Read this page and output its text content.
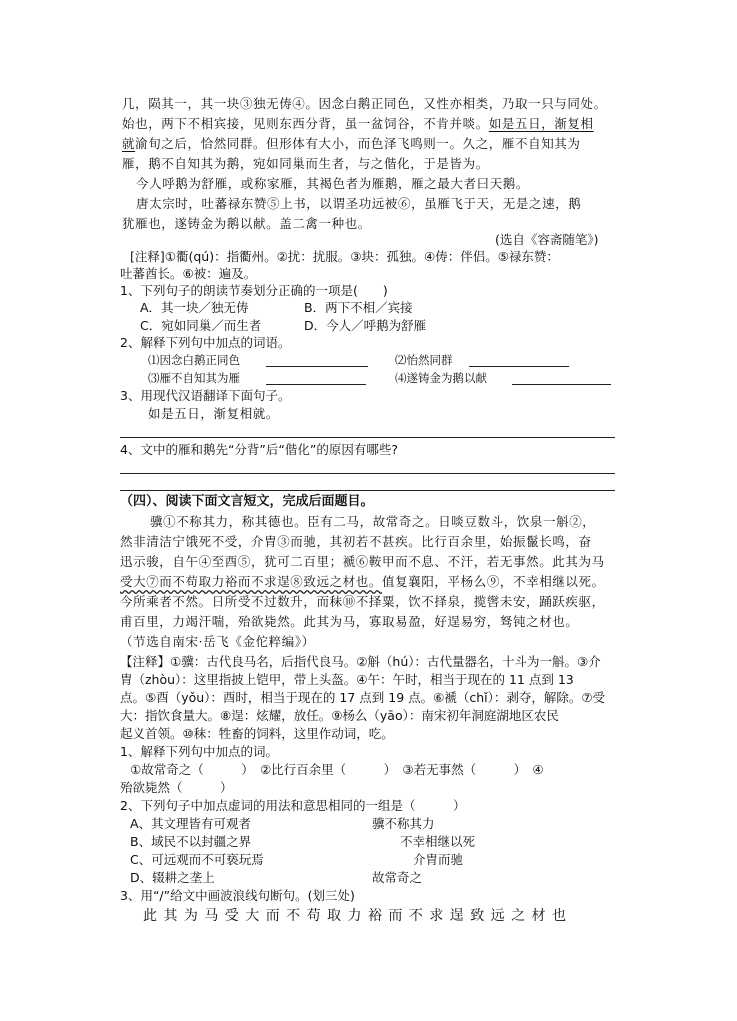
几，陨其一，其一块③独无俦④。因念白鹅正同色，又性亦相类，乃取一只与同处。
始也，两下不相宾接，见则东西分背，虽一盆饲谷，不肯并啖。如是五日，渐复相
就渝旬之后，恰然同群。但形体有大小，而色泽飞鸣则一。久之，雁不自知其为
雁，鹅不自知其为鹅，宛如同巢而生者，与之偕化，于是皆为。
今人呼鹅为舒雁，或称家雁，其褐色者为雁鹅，雁之最大者曰天鹅。
唐太宗时，吐蕃禄东赞⑤上书，以谓圣功远被⑥，虽雁飞于天，无是之速，鹅
犹雁也，遂铸金为鹅以献。盖二禽一种也。
(选自《容斋随笔》)
[注释]①衢(qú)：指衢州。②扰：扰服。③块：孤独。④俦：伴侣。⑤禄东赞：
吐蕃酋长。⑥被：遍及。
1、下列句子的朗读节奏划分正确的一项是(　　)
A．其一块／独无俦	B．两下不相／宾接
C．宛如同巢／而生者	D．今人／呼鹅为舒雁
2、解释下列句中加点的词语。
⑴因念白鹅正同色	⑵怡然同群
⑶雁不自知其为雁	⑷遂铸金为鹅以献
3、用现代汉语翻译下面句子。
如是五日，渐复相就。
4、文中的雁和鹅先“分背”后“偕化”的原因有哪些?
（四）、阅读下面文言短文，完成后面题目。
骥①不称其力，称其德也。臣有二马，故常奇之。日啖豆数斗，饮泉一斛②，
然非清洁宁饿死不受，介胄③而驰，其初若不甚疾。比行百余里，始振鬣长鸣，奋
迅示骏，自午④至酉⑤，犹可二百里；褫⑥鞍甲而不息、不汗，若无事然。此其为马
受大⑦而不苟取力裕而不求逞⑧致远之材也。值复襄阳，平杨么⑨，不幸相继以死。
今所乘者不然。日所受不过数升，而秣⑩不择粟，饮不择泉，揽辔未安，踊跃疾驱，
甫百里，力竭汗喘，殆欲毙然。此其为马，寡取易盈，好逞易穷，驽钝之材也。
（节选自南宋·岳飞《金佗粹编》）
【注释】①骥：古代良马名，后指代良马。②斛（hú）：古代量器名，十斗为一斛。③介
胄（zhòu）：这里指披上铠甲，带上头盔。④午：午时，相当于现在的 11 点到 13
点。⑤酉（yǒu）：酉时，相当于现在的 17 点到 19 点。⑥褫（chǐ）：剥夺，解除。⑦受
大：指饮食量大。⑧逞：炫耀，放任。⑨杨么（yāo）：南宋初年洞庭湖地区农民
起义首领。⑩秣：牲畜的饲料，这里作动词，吃。
1、解释下列句中加点的词。
①故常奇之（　　　）　②比行百余里（　　　）　③若无事然（　　　）　④
殆欲毙然（　　　）
2、下列句子中加点虚词的用法和意思相同的一组是（　　　）
A、其文理皆有可观者	骥不称其力
B、域民不以封疆之界	不幸相继以死
C、可远观而不可亵玩焉	介胄而驰
D、辍耕之垄上	故常奇之
3、用“/”给文中画波浪线句断句。(划三处)
此 其 为 马 受 大 而 不 苟 取 力 裕 而 不 求 逞 致 远 之 材 也
